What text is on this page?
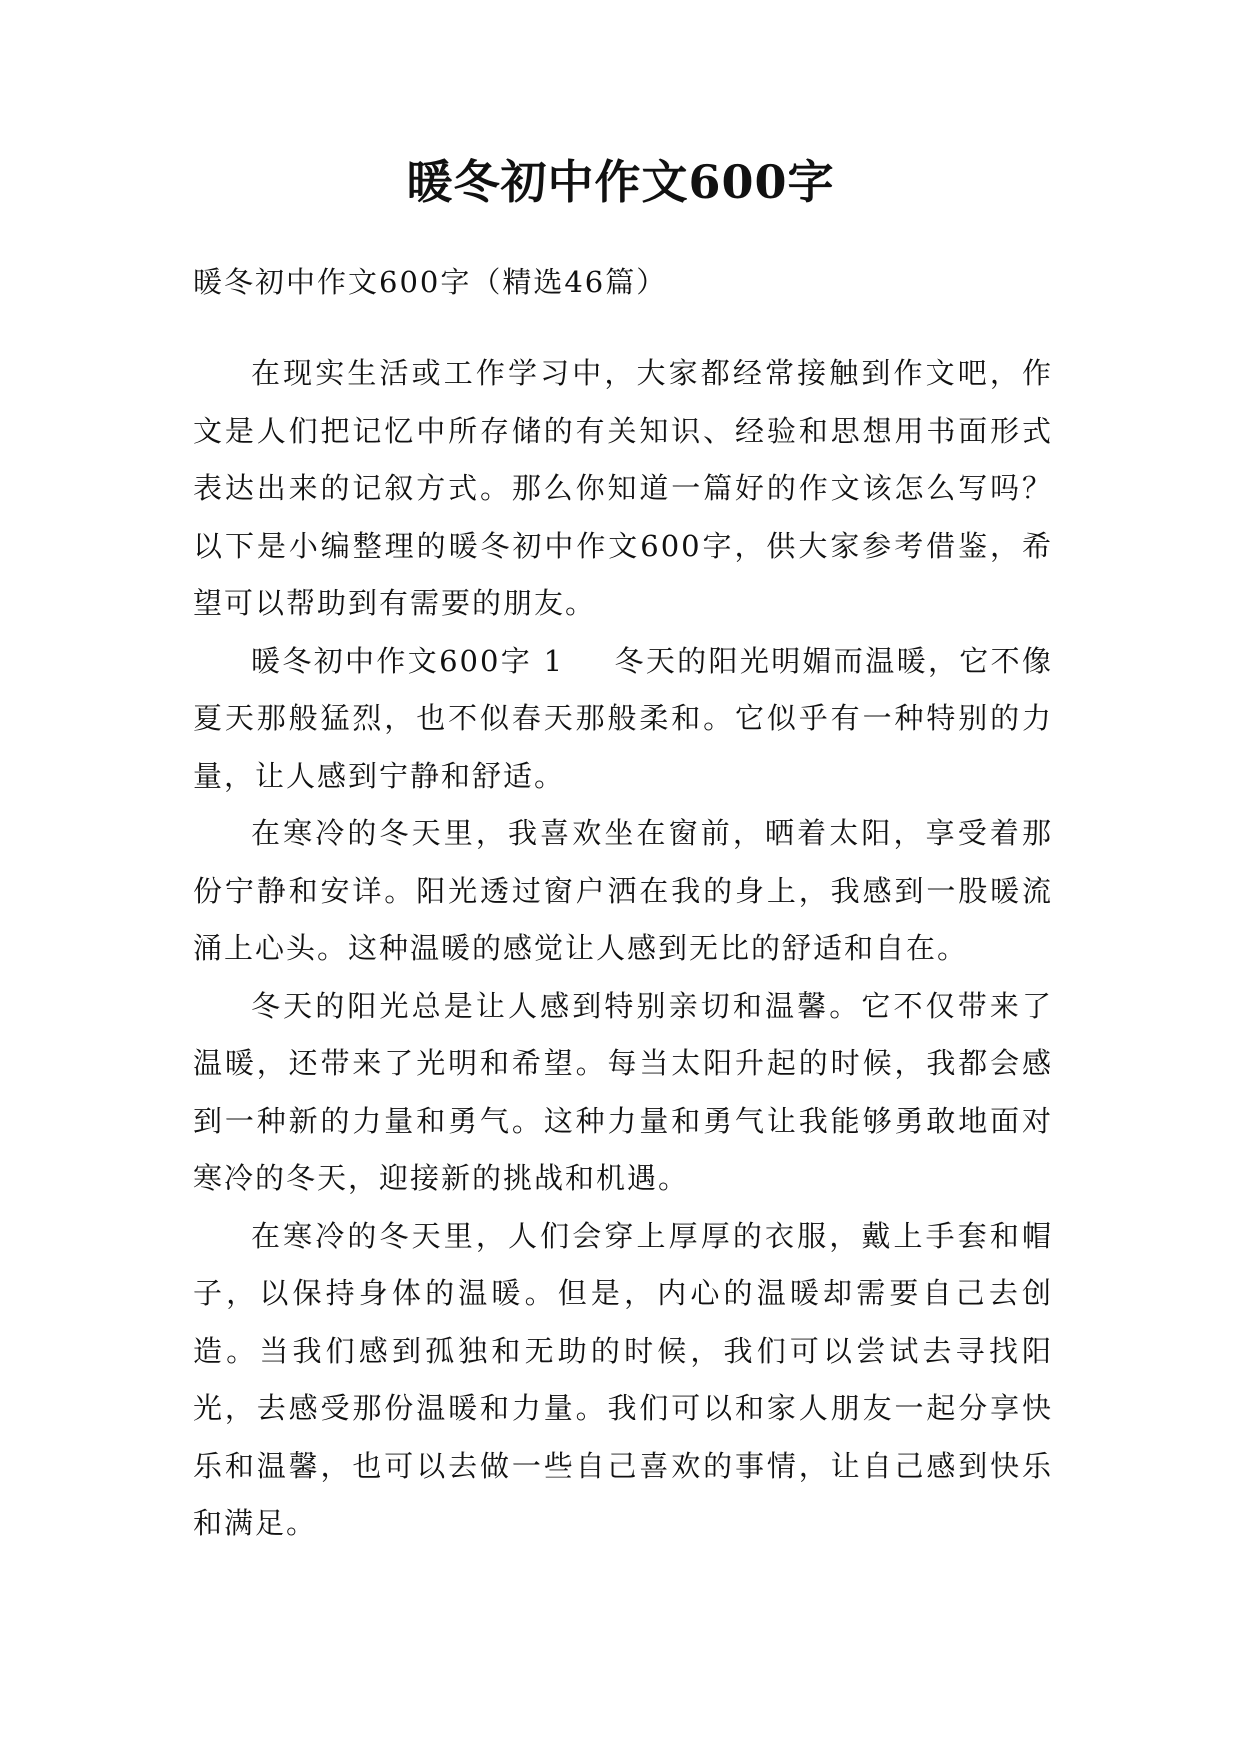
暖冬初中作文600字
暖冬初中作文600字（精选46篇）

在现实生活或工作学习中，大家都经常接触到作文吧，作文是人们把记忆中所存储的有关知识、经验和思想用书面形式表达出来的记叙方式。那么你知道一篇好的作文该怎么写吗？以下是小编整理的暖冬初中作文600字，供大家参考借鉴，希望可以帮助到有需要的朋友。

暖冬初中作文600字 1 冬天的阳光明媚而温暖，它不像夏天那般猛烈，也不似春天那般柔和。它似乎有一种特别的力量，让人感到宁静和舒适。

在寒冷的冬天里，我喜欢坐在窗前，晒着太阳，享受着那份宁静和安详。阳光透过窗户洒在我的身上，我感到一股暖流涌上心头。这种温暖的感觉让人感到无比的舒适和自在。

冬天的阳光总是让人感到特别亲切和温馨。它不仅带来了温暖，还带来了光明和希望。每当太阳升起的时候，我都会感到一种新的力量和勇气。这种力量和勇气让我能够勇敢地面对寒冷的冬天，迎接新的挑战和机遇。

在寒冷的冬天里，人们会穿上厚厚的衣服，戴上手套和帽子，以保持身体的温暖。但是，内心的温暖却需要自己去创造。当我们感到孤独和无助的时候，我们可以尝试去寻找阳光，去感受那份温暖和力量。我们可以和家人朋友一起分享快乐和温馨，也可以去做一些自己喜欢的事情，让自己感到快乐和满足。
